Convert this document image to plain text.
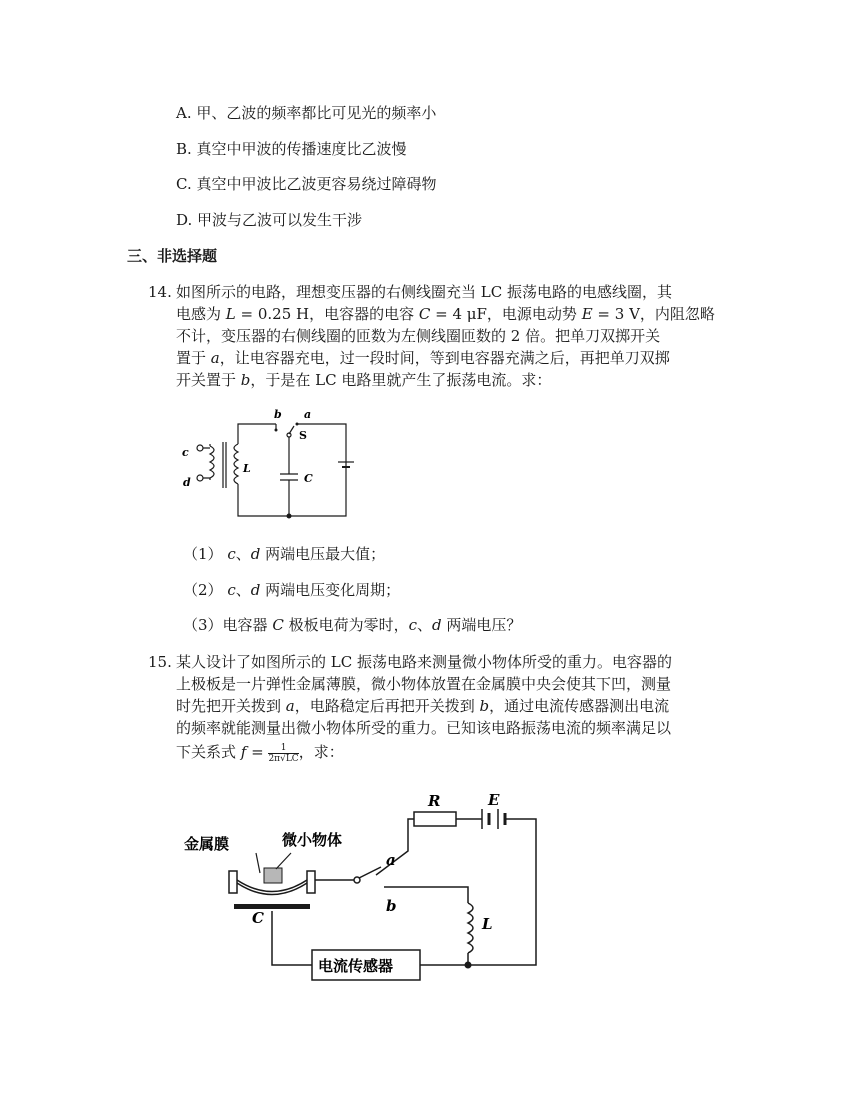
A. 甲、乙波的频率都比可见光的频率小
B. 真空中甲波的传播速度比乙波慢
C. 真空中甲波比乙波更容易绕过障碍物
D. 甲波与乙波可以发生干涉
三、非选择题
14. 如图所示的电路，理想变压器的右侧线圈充当 LC 振荡电路的电感线圈，其
电感为 L = 0.25 H，电容器的电容 C = 4 μF，电源电动势 E = 3 V，内阻忽略
不计，变压器的右侧线圈的匝数为左侧线圈匝数的 2 倍。把单刀双掷开关
置于 a，让电容器充电，过一段时间，等到电容器充满之后，再把单刀双掷
开关置于 b，于是在 LC 电路里就产生了振荡电流。求：
b a
S
c
d
L
C
（1） c、d 两端电压最大值；
（2） c、d 两端电压变化周期；
（3）电容器 C 极板电荷为零时，c、d 两端电压？
15. 某人设计了如图所示的 LC 振荡电路来测量微小物体所受的重力。电容器的
上极板是一片弹性金属薄膜，微小物体放置在金属膜中央会使其下凹，测量
时先把开关拨到 a，电路稳定后再把开关拨到 b，通过电流传感器测出电流
的频率就能测量出微小物体所受的重力。已知该电路振荡电流的频率满足以
下关系式 $f = \frac{1}{2\pi√LC}$ ，求：
R	E
金属膜	微小物体
a
b
C	L
电流传感器
